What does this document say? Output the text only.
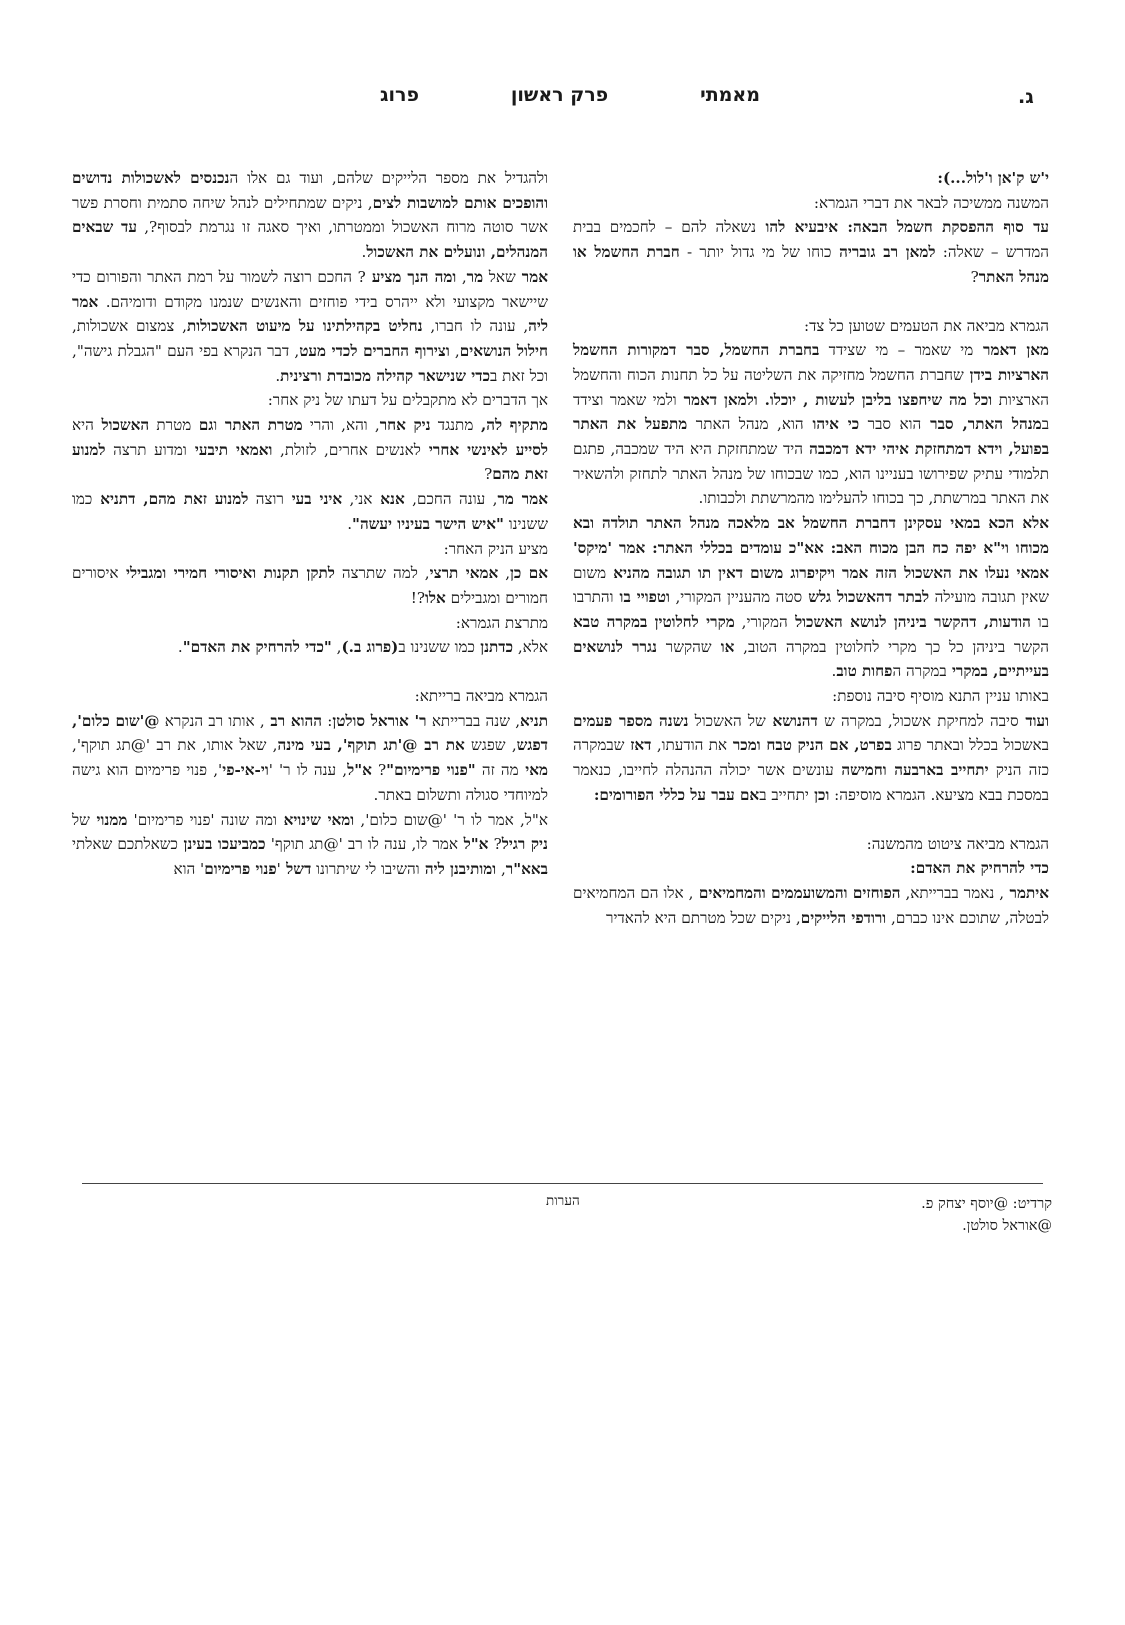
ג.
מאמתי
פרק ראשון
פרוג

י'ש ק'אן ו'לול...):

המשנה ממשיכה לבאר את דברי הגמרא:

עד סוף ההפסקת חשמל הבאה: איבעיא להו נשאלה להם – לחכמים בבית המדרש – שאלה: למאן רב גובריה כוחו של מי גדול יותר - חברת החשמל או מנהל האתר?

הגמרא מביאה את הטעמים שטוען כל צד:

מאן דאמר מי שאמר – מי שצידד בחברת החשמל, סבר דמקורות החשמל הארציות בידן שחברת החשמל מחזיקה את השליטה על כל תחנות הכוח והחשמל הארציות וכל מה שיחפצו בליבן לעשות , יוכלו. ולמאן דאמר ולמי שאמר וצידד במנהל האתר, סבר הוא סבר כי איהו הוא, מנהל האתר מתפעל את האתר בפועל, וידא דמתחזקת איהי ידא דמכבה היד שמתחזקת היא היד שמכבה, פתגם תלמודי עתיק שפירושו בעניינו הוא, כמו שבכוחו של מנהל האתר לתחזק ולהשאיר את האתר במרשתת, כך בכוחו להעלימו מהמרשתת ולכבותו.

אלא הכא במאי עסקינן דחברת החשמל אב מלאכה מנהל האתר תולדה ובא מכוחו וי"א יפה כח הבן מכוח האב: אא"כ עומדים בכללי האתר: אמר 'מיקס' אמאי נעלו את האשכול הזה אמר ויקיפרוג משום דאין תו תגובה מהניא משום שאין תגובה מועילה לבתר דהאשכול גלש סטה מהעניין המקורי, וטפויי בו והתרבו בו הודעות, דהקשר ביניהן לנושא האשכול המקורי, מקרי לחלוטין במקרה טבא הקשר ביניהן כל כך מקרי לחלוטין במקרה הטוב, או שהקשר נגרר לנושאים בעייתיים, במקרי במקרה הפחות טוב.

באותו עניין התנא מוסיף סיבה נוספת:

ועוד סיבה למחיקת אשכול, במקרה ש דהנושא של האשכול נשנה מספר פעמים באשכול בכלל ובאתר פרוג בפרט, אם הניק טבח ומכר את הודעתו, דאז שבמקרה כזה הניק יתחייב בארבעה וחמישה עונשים אשר יכולה ההנהלה לחייבו, כנאמר במסכת בבא מציעא. הגמרא מוסיפה: וכן יתחייב באם עבר על כללי הפורומים:

הגמרא מביאה ציטוט מהמשנה:

כדי להרחיק את האדם:

איתמר , נאמר בברייתא, הפוחזים והמשועממים והמחמיאים , אלו הם המחמיאים לבטלה, שתוכם אינו כברם, ורודפי הלייקים, ניקים שכל מטרתם היא להאדיר

ולהגדיל את מספר הלייקים שלהם, ועוד גם אלו הנכנסים לאשכולות נדושים והופכים אותם למושבות לצים, ניקים שמתחילים לנהל שיחה סתמית וחסרת פשר אשר סוטה מרוח האשכול וממטרתו, ואיך סאגה זו נגרמת לבסוף?, עד שבאים המנהלים, ונועלים את האשכול.

אמר שאל מר, ומה הנך מציע ? החכם רוצה לשמור על רמת האתר והפורום כדי שיישאר מקצועי ולא ייהרס בידי פוחזים והאנשים שנמנו מקודם ודומיהם. אמר ליה, עונה לו חברו, נחליט בקהילתינו על מיעוט האשכולות, צמצום אשכולות, חילול הנושאים, וצירוף החברים לכדי מעט, דבר הנקרא בפי העם "הגבלת גישה", וכל זאת בכדי שנישאר קהילה מכובדת ורצינית.

אך הדברים לא מתקבלים על דעתו של ניק אחר:

מתקיף לה, מתנגד ניק אחר, והא, והרי מטרת האתר וגם מטרת האשכול היא לסייע לאינשי אחרי לאנשים אחרים, לזולת, ואמאי תיבעי ומדוע תרצה למנוע זאת מהם?

אמר מר, עונה החכם, אנא אני, איני בעי רוצה למנוע זאת מהם, דתניא כמו ששנינו "איש הישר בעיניו יעשה".

מציע הניק האחר:

אם כן, אמאי תרצי, למה שתרצה לתקן תקנות ואיסורי חמירי ומגבילי איסורים חמורים ומגבילים אלו?!

מתרצת הגמרא:

אלא, כדתנן כמו ששנינו ב(פרוג ב.), "כדי להרחיק את האדם".

הגמרא מביאה ברייתא:

תניא, שנה בברייתא ר' אוראל סולטן: ההוא רב , אותו רב הנקרא @'שום כלום', דפגש, שפגש את רב @'תג תוקף', בעי מינה, שאל אותו, את רב '@תג תוקף', מאי מה זה "פנוי פרימיום"? א"ל, ענה לו ר' 'וי-אי-פי', פנוי פרימיום הוא גישה למיוחדי סגולה ותשלום באתר.

א"ל, אמר לו ר' '@שום כלום', ומאי שינויא ומה שונה 'פנוי פרימיום' ממנוי של ניק רגיל? א"ל אמר לו, ענה לו רב '@תג תוקף' כמביעכו בעינן כשאלתכם שאלתי באא"ר, ומותיבנן ליה והשיבו לי שיתרונו דשל 'פנוי פרימיום' הוא

הערות	קרדיט: @יוסף יצחק פ.
@אוראל סולטן.
